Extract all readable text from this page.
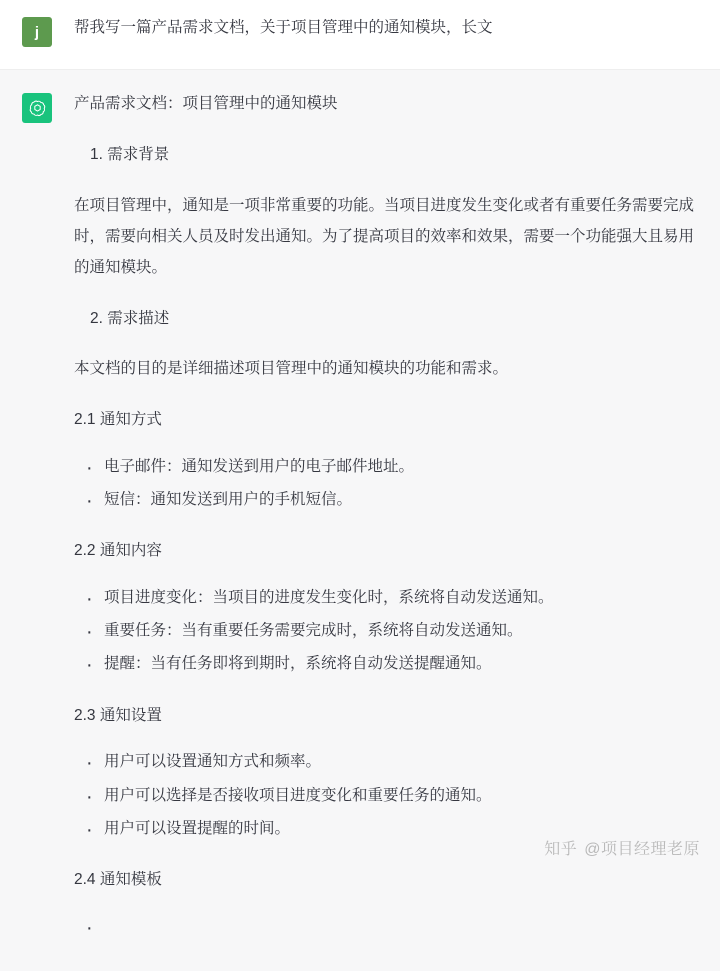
j 帮我写一篇产品需求文档，关于项目管理中的通知模块，长文

产品需求文档：项目管理中的通知模块

1. 需求背景

在项目管理中，通知是一项非常重要的功能。当项目进度发生变化或者有重要任务需要完成时，需要向相关人员及时发出通知。为了提高项目的效率和效果，需要一个功能强大且易用的通知模块。

2. 需求描述

本文档的目的是详细描述项目管理中的通知模块的功能和需求。

2.1 通知方式

· 电子邮件：通知发送到用户的电子邮件地址。
· 短信：通知发送到用户的手机短信。

2.2 通知内容

· 项目进度变化：当项目的进度发生变化时，系统将自动发送通知。
· 重要任务：当有重要任务需要完成时，系统将自动发送通知。
· 提醒：当有任务即将到期时，系统将自动发送提醒通知。

2.3 通知设置

· 用户可以设置通知方式和频率。
· 用户可以选择是否接收项目进度变化和重要任务的通知。
· 用户可以设置提醒的时间。

2.4 通知模板

·
知乎 @项目经理老原
